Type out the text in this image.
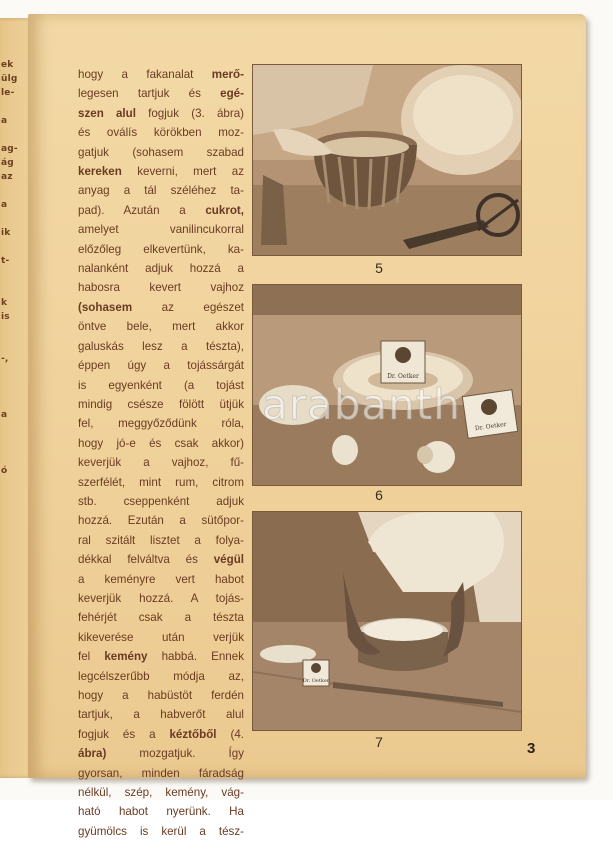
ek
ülg
le-

a

ag-
ág
az

a

ik

t-

k
is

-,

a

ó
hogy a fakanalat merő-
legesen tartjuk és egé-
szen alul fogjuk (3. ábra)
és oválís körökben moz-
gatjuk (sohasem szabad
kereken keverni, mert az
anyag a tál széléhez ta-
pad). Azután a cukrot,
amelyet vanilincukorral
előzőleg elkevertünk, ka-
nalanként adjuk hozzá a
habosra kevert vajhoz
(sohasem az egészet
öntve bele, mert akkor
galuskás lesz a tészta),
éppen úgy a tojássárgát
is egyenként (a tojást
mindig csésze fölött ütjük
fel, meggyőződünk róla,
hogy jó-e és csak akkor)
keverjük a vajhoz, fű-
szerfélét, mint rum, citrom
stb. cseppenként adjuk
hozzá. Ezután a sütőpor-
ral szitált lisztet a folya-
dékkal felváltva és végül
a keményre vert habot
keverjük hozzá. A tojás-
fehérjét csak a tészta
kikeverése után verjük
fel kemény habbá. Ennek
legcélszerűbb módja az,
hogy a habüstöt ferdén
tartjuk, a habverőt alul
fogjuk és a kéztőből (4.
ábra) mozgatjuk. Így
gyorsan, minden fáradság
nélkül, szép, kemény, vág-
ható habot nyerünk. Ha
gyümölcs is kerül a tész-
5
Dr. Oetker
Dr. Oetker
6
Dr. Oetker
7	3
arabanth
